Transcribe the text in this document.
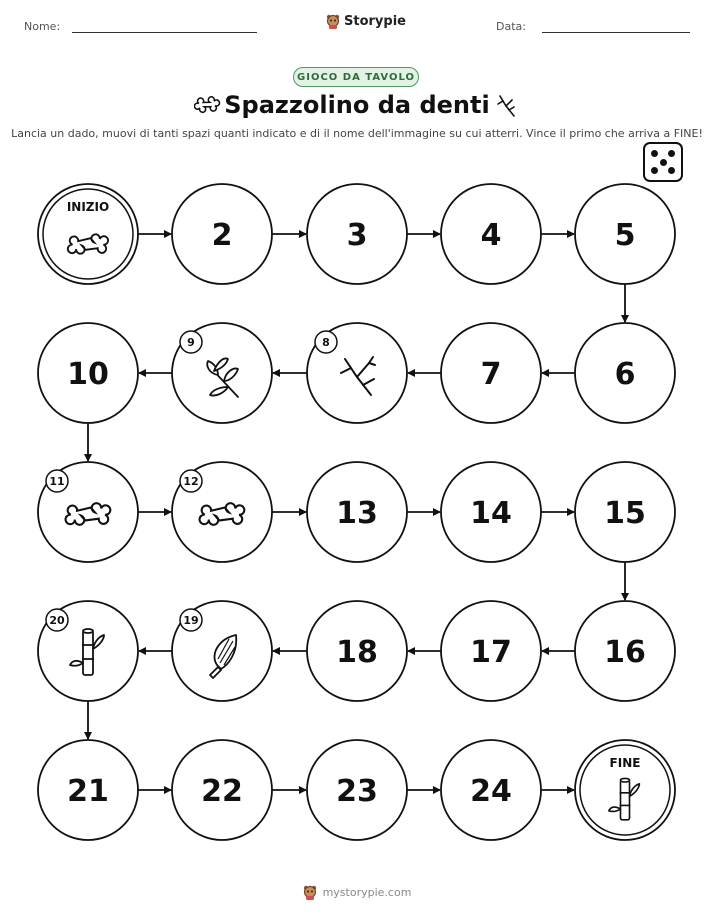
Nome:	Storypie	Data:
GIOCO DA TAVOLO
Spazzolino da denti
Lancia un dado, muovi di tanti spazi quanti indicato e di il nome dell'immagine su cui atterri. Vince il primo che arriva a FINE!
INIZIO
2	3	4	5
6
7
8
9
10
11	12
13	14	15
16
17
18
19
20
21	22	23	24
FINE
mystorypie.com
